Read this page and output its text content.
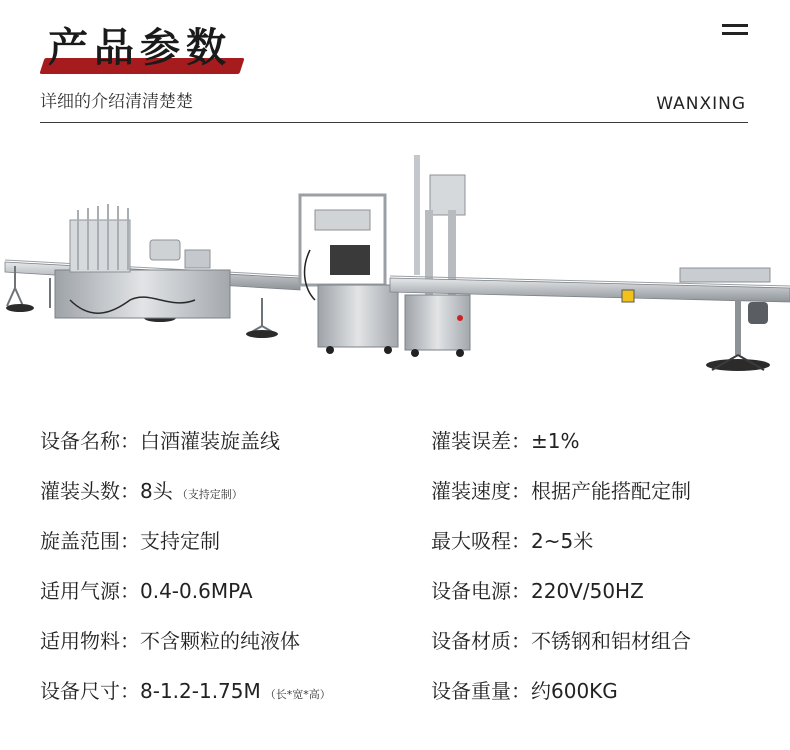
产品参数
详细的介绍清清楚楚	WANXING
设备名称：白酒灌装旋盖线	灌装误差：±1%
灌装头数：8头 （支持定制）	灌装速度：根据产能搭配定制
旋盖范围：支持定制	最大吸程：2~5米
适用气源：0.4-0.6MPA	设备电源：220V/50HZ
适用物料：不含颗粒的纯液体	设备材质：不锈钢和铝材组合
设备尺寸：8-1.2-1.75M （长*宽*高）	设备重量：约600KG
